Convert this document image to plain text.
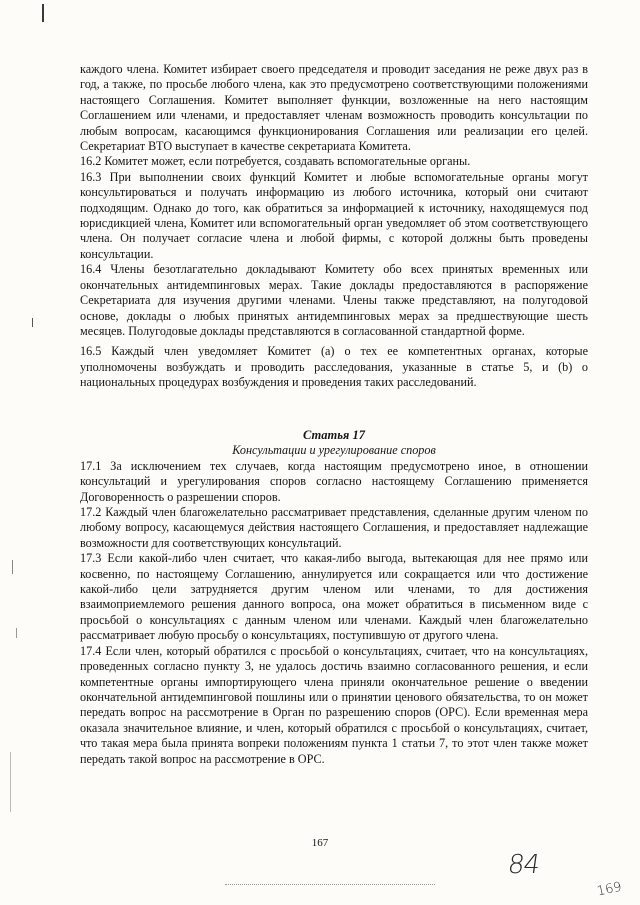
каждого члена. Комитет избирает своего председателя и проводит заседания не реже двух раз в год, а также, по просьбе любого члена, как это предусмотрено соответствующими положениями настоящего Соглашения. Комитет выполняет функции, возложенные на него настоящим Соглашением или членами, и предоставляет членам возможность проводить консультации по любым вопросам, касающимся функционирования Соглашения или реализации его целей. Секретариат ВТО выступает в качестве секретариата Комитета.

16.2 Комитет может, если потребуется, создавать вспомогательные органы.

16.3 При выполнении своих функций Комитет и любые вспомогательные органы могут консультироваться и получать информацию из любого источника, который они считают подходящим. Однако до того, как обратиться за информацией к источнику, находящемуся под юрисдикцией члена, Комитет или вспомогательный орган уведомляет об этом соответствующего члена. Он получает согласие члена и любой фирмы, с которой должны быть проведены консультации.

16.4 Члены безотлагательно докладывают Комитету обо всех принятых временных или окончательных антидемпинговых мерах. Такие доклады предоставляются в распоряжение Секретариата для изучения другими членами. Члены также представляют, на полугодовой основе, доклады о любых принятых антидемпинговых мерах за предшествующие шесть месяцев. Полугодовые доклады представляются в согласованной стандартной форме.

16.5 Каждый член уведомляет Комитет (а) о тех ее компетентных органах, которые уполномочены возбуждать и проводить расследования, указанные в статье 5, и (b) о национальных процедурах возбуждения и проведения таких расследований.

Статья 17

Консультации и урегулирование споров

17.1 За исключением тех случаев, когда настоящим предусмотрено иное, в отношении консультаций и урегулирования споров согласно настоящему Соглашению применяется Договоренность о разрешении споров.

17.2 Каждый член благожелательно рассматривает представления, сделанные другим членом по любому вопросу, касающемуся действия настоящего Соглашения, и предоставляет надлежащие возможности для соответствующих консультаций.

17.3 Если какой-либо член считает, что какая-либо выгода, вытекающая для нее прямо или косвенно, по настоящему Соглашению, аннулируется или сокращается или что достижение какой-либо цели затрудняется другим членом или членами, то для достижения взаимоприемлемого решения данного вопроса, она может обратиться в письменном виде с просьбой о консультациях с данным членом или членами. Каждый член благожелательно рассматривает любую просьбу о консультациях, поступившую от другого члена.

17.4 Если член, который обратился с просьбой о консультациях, считает, что на консультациях, проведенных согласно пункту 3, не удалось достичь взаимно согласованного решения, и если компетентные органы импортирующего члена приняли окончательное решение о введении окончательной антидемпинговой пошлины или о принятии ценового обязательства, то он может передать вопрос на рассмотрение в Орган по разрешению споров (ОРС). Если временная мера оказала значительное влияние, и член, который обратился с просьбой о консультациях, считает, что такая мера была принята вопреки положениям пункта 1 статьи 7, то этот член также может передать такой вопрос на рассмотрение в ОРС.

167
84
169
